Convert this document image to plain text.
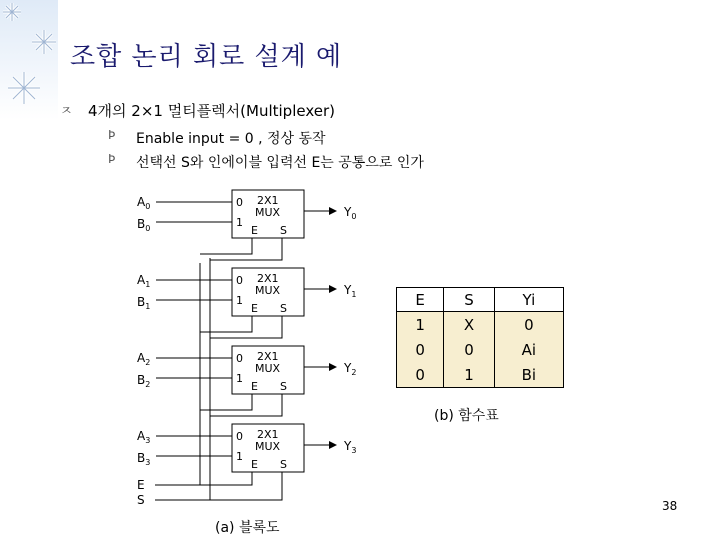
조합 논리 회로 설계 예
ㅈ 4개의 2×1 멀티플렉서(Multiplexer)
Þ Enable input = 0 , 정상 동작
Þ 선택선 S와 인에이블 입력선 E는 공통으로 인가
2X1
MUX
0
1
E S
$A_0$
$B_0$
$Y_0$
2X1
MUX
0
1
E S
$A_1$
$B_1$
$Y_1$
2X1
MUX
0
1
E S
$A_2$
$B_2$
$Y_2$
2X1
MUX
0
1
E S
$A_3$
$B_3$
$Y_3$
E
S
E	S	Yi
1	X	0
0	0	Ai
0	1	Bi
(b) 함수표
(a) 블록도
38
